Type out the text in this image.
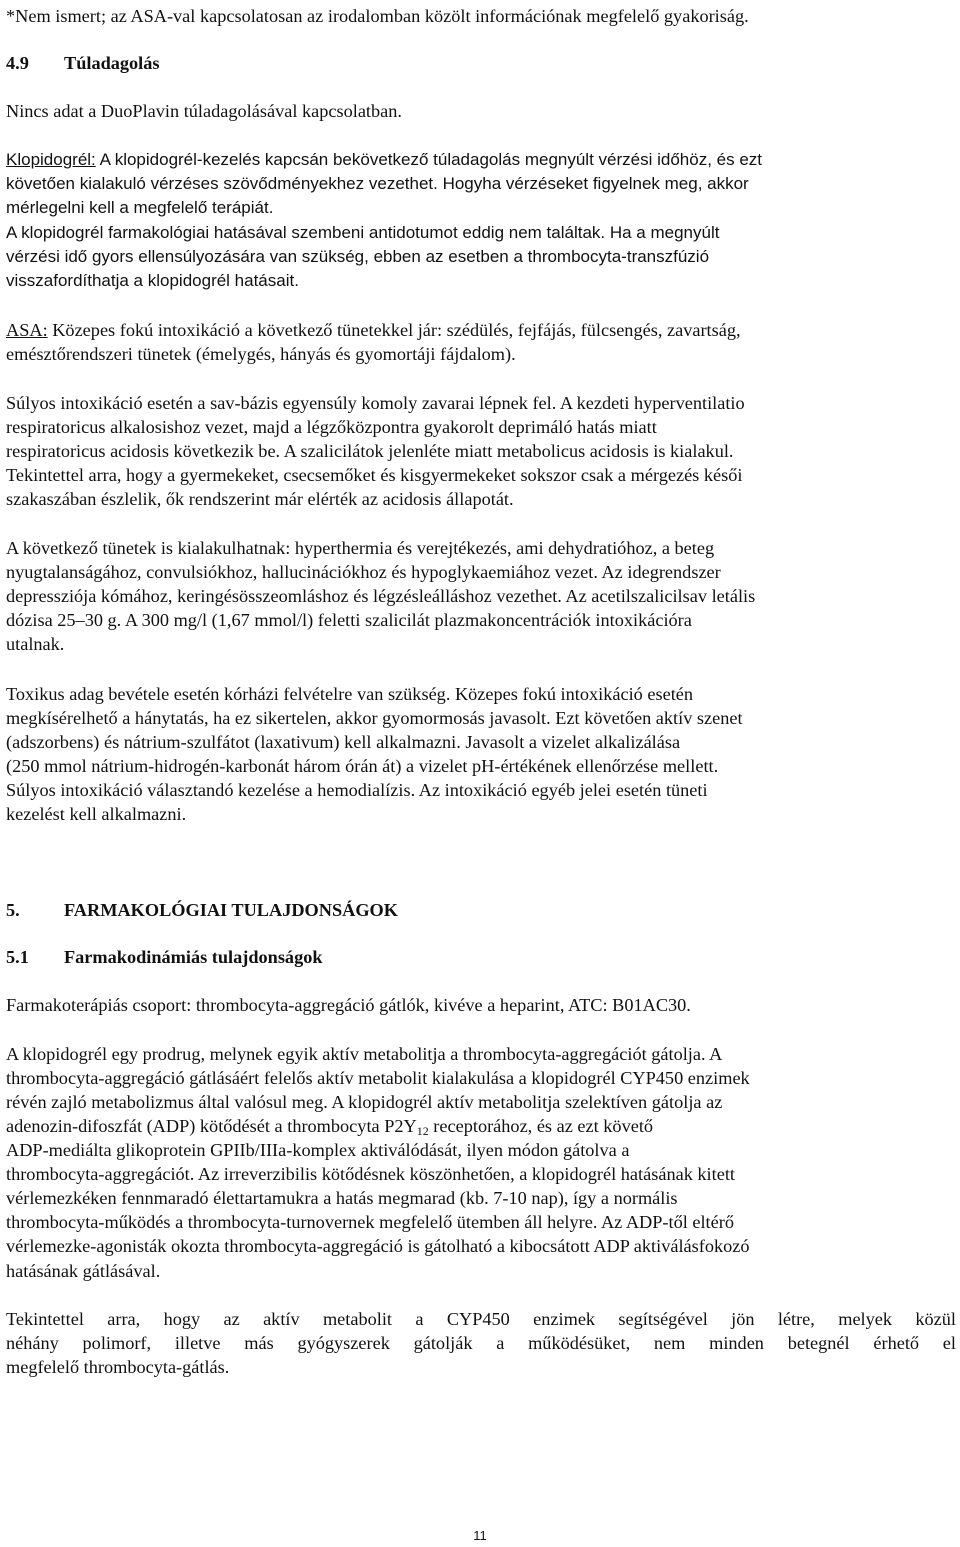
*Nem ismert; az ASA-val kapcsolatosan az irodalomban közölt információnak megfelelő gyakoriság.
4.9 Túladagolás
Nincs adat a DuoPlavin túladagolásával kapcsolatban.
Klopidogrél: A klopidogrél-kezelés kapcsán bekövetkező túladagolás megnyúlt vérzési időhöz, és ezt
követően kialakuló vérzéses szövődményekhez vezethet. Hogyha vérzéseket figyelnek meg, akkor
mérlegelni kell a megfelelő terápiát.
A klopidogrél farmakológiai hatásával szembeni antidotumot eddig nem találtak. Ha a megnyúlt
vérzési idő gyors ellensúlyozására van szükség, ebben az esetben a thrombocyta-transzfúzió
visszafordíthatja a klopidogrél hatásait.
ASA: Közepes fokú intoxikáció a következő tünetekkel jár: szédülés, fejfájás, fülcsengés, zavartság,
emésztőrendszeri tünetek (émelygés, hányás és gyomortáji fájdalom).
Súlyos intoxikáció esetén a sav-bázis egyensúly komoly zavarai lépnek fel. A kezdeti hyperventilatio
respiratoricus alkalosishoz vezet, majd a légzőközpontra gyakorolt deprimáló hatás miatt
respiratoricus acidosis következik be. A szalicilátok jelenléte miatt metabolicus acidosis is kialakul.
Tekintettel arra, hogy a gyermekeket, csecsemőket és kisgyermekeket sokszor csak a mérgezés késői
szakaszában észlelik, ők rendszerint már elérték az acidosis állapotát.
A következő tünetek is kialakulhatnak: hyperthermia és verejtékezés, ami dehydratióhoz, a beteg
nyugtalanságához, convulsiókhoz, hallucinációkhoz és hypoglykaemiához vezet. Az idegrendszer
depressziója kómához, keringésösszeomláshoz és légzésleálláshoz vezethet. Az acetilszalicilsav letális
dózisa 25–30 g. A 300 mg/l (1,67 mmol/l) feletti szalicilát plazmakoncentrációk intoxikációra
utalnak.
Toxikus adag bevétele esetén kórházi felvételre van szükség. Közepes fokú intoxikáció esetén
megkísérelhető a hánytatás, ha ez sikertelen, akkor gyomormosás javasolt. Ezt követően aktív szenet
(adszorbens) és nátrium-szulfátot (laxativum) kell alkalmazni. Javasolt a vizelet alkalizálása
(250 mmol nátrium-hidrogén-karbonát három órán át) a vizelet pH-értékének ellenőrzése mellett.
Súlyos intoxikáció választandó kezelése a hemodialízis. Az intoxikáció egyéb jelei esetén tüneti
kezelést kell alkalmazni.
5. FARMAKOLÓGIAI TULAJDONSÁGOK
5.1 Farmakodinámiás tulajdonságok
Farmakoterápiás csoport: thrombocyta-aggregáció gátlók, kivéve a heparint, ATC: B01AC30.
A klopidogrél egy prodrug, melynek egyik aktív metabolitja a thrombocyta-aggregációt gátolja. A
thrombocyta-aggregáció gátlásáért felelős aktív metabolit kialakulása a klopidogrél CYP450 enzimek
révén zajló metabolizmus által valósul meg. A klopidogrél aktív metabolitja szelektíven gátolja az
adenozin-difoszfát (ADP) kötődését a thrombocyta $P2Y_{12}$ receptorához, és az ezt követő
ADP-mediálta glikoprotein GPIIb/IIIa-komplex aktiválódását, ilyen módon gátolva a
thrombocyta-aggregációt. Az irreverzibilis kötődésnek köszönhetően, a klopidogrél hatásának kitett
vérlemezkéken fennmaradó élettartamukra a hatás megmarad (kb. 7-10 nap), így a normális
thrombocyta-működés a thrombocyta-turnovernek megfelelő ütemben áll helyre. Az ADP-től eltérő
vérlemezke-agonisták okozta thrombocyta-aggregáció is gátolható a kibocsátott ADP aktiválásfokozó
hatásának gátlásával.
Tekintettel arra, hogy az aktív metabolit a CYP450 enzimek segítségével jön létre, melyek közül
néhány polimorf, illetve más gyógyszerek gátolják a működésüket, nem minden betegnél érhető el
megfelelő thrombocyta-gátlás.
11
